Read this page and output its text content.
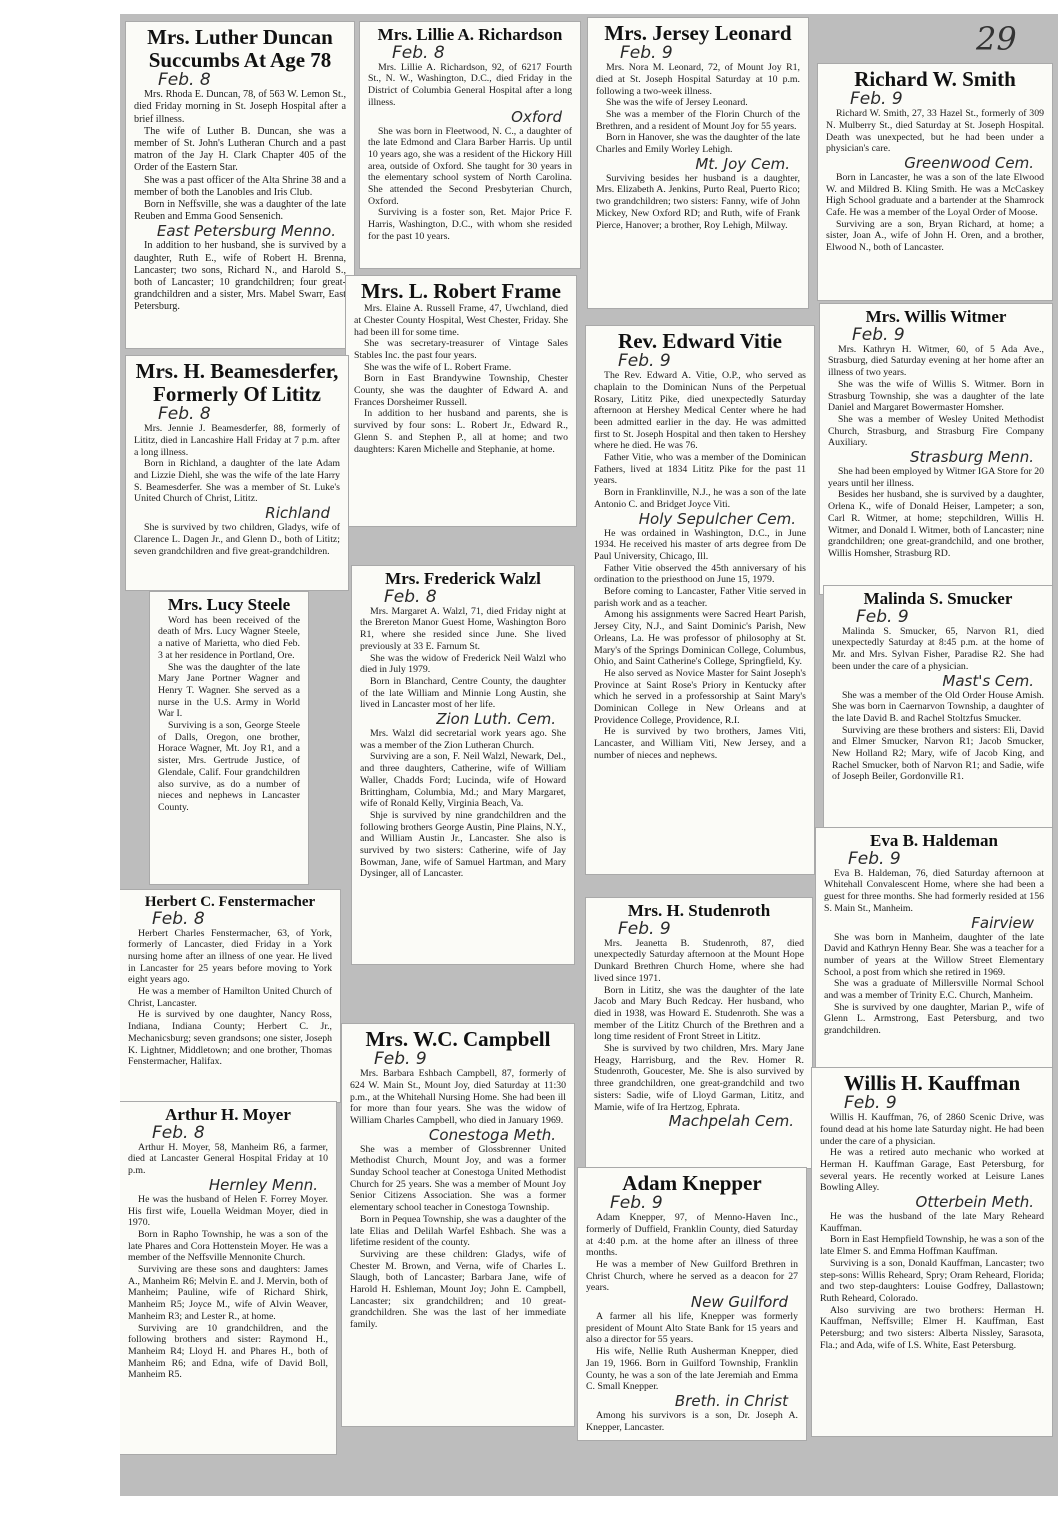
Mrs. Luther Duncan
Succumbs At Age 78
Feb. 8

Mrs. Rhoda E. Duncan, 78, of 563 W. Lemon St., died Friday morning in St. Joseph Hospital after a brief illness.

The wife of Luther B. Duncan, she was a member of St. John's Lutheran Church and a past matron of the Jay H. Clark Chapter 405 of the Order of the Eastern Star.

She was a past officer of the Alta Shrine 38 and a member of both the Lanobles and Iris Club.

Born in Neffsville, she was a daughter of the late Reuben and Emma Good Sensenich.

East Petersburg Menno.

In addition to her husband, she is survived by a daughter, Ruth E., wife of Robert H. Brenna, Lancaster; two sons, Richard N., and Harold S., both of Lancaster; 10 grandchildren; four great-grandchildren and a sister, Mrs. Mabel Swarr, East Petersburg.

Mrs. Lillie A. Richardson
Feb. 8

Mrs. Lillie A. Richardson, 92, of 6217 Fourth St., N. W., Washington, D.C., died Friday in the District of Columbia General Hospital after a long illness.

Oxford

She was born in Fleetwood, N. C., a daughter of the late Edmond and Clara Barber Harris. Up until 10 years ago, she was a resident of the Hickory Hill area, outside of Oxford. She taught for 30 years in the elementary school system of North Carolina. She attended the Second Presbyterian Church, Oxford.

Surviving is a foster son, Ret. Major Price F. Harris, Washington, D.C., with whom she resided for the past 10 years.

Mrs. Jersey Leonard
Feb. 9

Mrs. Nora M. Leonard, 72, of Mount Joy R1, died at St. Joseph Hospital Saturday at 10 p.m. following a two-week illness.

She was the wife of Jersey Leonard.

She was a member of the Florin Church of the Brethren, and a resident of Mount Joy for 55 years.

Born in Hanover, she was the daughter of the late Charles and Emily Worley Lehigh.

Mt. Joy Cem.

Surviving besides her husband is a daughter, Mrs. Elizabeth A. Jenkins, Purto Real, Puerto Rico; two grandchildren; two sisters: Fanny, wife of John Mickey, New Oxford RD; and Ruth, wife of Frank Pierce, Hanover; a brother, Roy Lehigh, Milway.

Richard W. Smith
Feb. 9

Richard W. Smith, 27, 33 Hazel St., formerly of 309 N. Mulberry St., died Saturday at St. Joseph Hospital. Death was unexpected, but he had been under a physician's care.

Greenwood Cem.

Born in Lancaster, he was a son of the late Elwood W. and Mildred B. Kling Smith. He was a McCaskey High School graduate and a bartender at the Shamrock Cafe. He was a member of the Loyal Order of Moose.

Surviving are a son, Bryan Richard, at home; a sister, Joan A., wife of John H. Oren, and a brother, Elwood N., both of Lancaster.

Mrs. L. Robert Frame

Mrs. Elaine A. Russell Frame, 47, Uwchland, died at Chester County Hospital, West Chester, Friday. She had been ill for some time.

She was secretary-treasurer of Vintage Sales Stables Inc. the past four years.

She was the wife of L. Robert Frame.

Born in East Brandywine Township, Chester County, she was the daughter of Edward A. and Frances Dorsheimer Russell.

In addition to her husband and parents, she is survived by four sons: L. Robert Jr., Edward R., Glenn S. and Stephen P., all at home; and two daughters: Karen Michelle and Stephanie, at home.

Mrs. H. Beamesderfer,
Formerly Of Lititz
Feb. 8

Mrs. Jennie J. Beamesderfer, 88, formerly of Lititz, died in Lancashire Hall Friday at 7 p.m. after a long illness.

Born in Richland, a daughter of the late Adam and Lizzie Diehl, she was the wife of the late Harry S. Beamesderfer. She was a member of St. Luke's United Church of Christ, Lititz.

Richland

She is survived by two children, Gladys, wife of Clarence L. Dagen Jr., and Glenn D., both of Lititz; seven grandchildren and five great-grandchildren.

Rev. Edward Vitie
Feb. 9

The Rev. Edward A. Vitie, O.P., who served as chaplain to the Dominican Nuns of the Perpetual Rosary, Lititz Pike, died unexpectedly Saturday afternoon at Hershey Medical Center where he had been admitted earlier in the day. He was admitted first to St. Joseph Hospital and then taken to Hershey where he died. He was 76.

Father Vitie, who was a member of the Dominican Fathers, lived at 1834 Lititz Pike for the past 11 years.

Born in Franklinville, N.J., he was a son of the late Antonio C. and Bridget Joyce Viti.

Holy Sepulcher Cem.

He was ordained in Washington, D.C., in June 1934. He received his master of arts degree from De Paul University, Chicago, Ill.

Father Vitie observed the 45th anniversary of his ordination to the priesthood on June 15, 1979.

Before coming to Lancaster, Father Vitie served in parish work and as a teacher.

Among his assignments were Sacred Heart Parish, Jersey City, N.J., and Saint Dominic's Parish, New Orleans, La. He was professor of philosophy at St. Mary's of the Springs Dominican College, Columbus, Ohio, and Saint Catherine's College, Springfield, Ky.

He also served as Novice Master for Saint Joseph's Province at Saint Rose's Priory in Kentucky after which he served in a professorship at Saint Mary's Dominican College in New Orleans and at Providence College, Providence, R.I.

He is survived by two brothers, James Viti, Lancaster, and William Viti, New Jersey, and a number of nieces and nephews.

Mrs. Willis Witmer
Feb. 9

Mrs. Kathryn H. Witmer, 60, of 5 Ada Ave., Strasburg, died Saturday evening at her home after an illness of two years.

She was the wife of Willis S. Witmer. Born in Strasburg Township, she was a daughter of the late Daniel and Margaret Bowermaster Homsher.

She was a member of Wesley United Methodist Church, Strasburg, and Strasburg Fire Company Auxiliary.

Strasburg Menn.

She had been employed by Witmer IGA Store for 20 years until her illness.

Besides her husband, she is survived by a daughter, Orlena K., wife of Donald Heiser, Lampeter; a son, Carl R. Witmer, at home; stepchildren, Willis H. Witmer, and Donald I. Witmer, both of Lancaster; nine grandchildren; one great-grandchild, and one brother, Willis Homsher, Strasburg RD.

Mrs. Lucy Steele

Word has been received of the death of Mrs. Lucy Wagner Steele, a native of Marietta, who died Feb. 3 at her residence in Portland, Ore.

She was the daughter of the late Mary Jane Portner Wagner and Henry T. Wagner. She served as a nurse in the U.S. Army in World War I.

Surviving is a son, George Steele of Dalls, Oregon, one brother, Horace Wagner, Mt. Joy R1, and a sister, Mrs. Gertrude Justice, of Glendale, Calif. Four grandchildren also survive, as do a number of nieces and nephews in Lancaster County.

Mrs. Frederick Walzl
Feb. 8

Mrs. Margaret A. Walzl, 71, died Friday night at the Brereton Manor Guest Home, Washington Boro R1, where she resided since June. She lived previously at 33 E. Farnum St.

She was the widow of Frederick Neil Walzl who died in July 1979.

Born in Blanchard, Centre County, the daughter of the late William and Minnie Long Austin, she lived in Lancaster most of her life.

Zion Luth. Cem.

Mrs. Walzl did secretarial work years ago. She was a member of the Zion Lutheran Church.

Surviving are a son, F. Neil Walzl, Newark, Del., and three daughters, Catherine, wife of William Waller, Chadds Ford; Lucinda, wife of Howard Brittingham, Columbia, Md.; and Mary Margaret, wife of Ronald Kelly, Virginia Beach, Va.

Shje is survived by nine grandchildren and the following brothers George Austin, Pine Plains, N.Y., and William Austin Jr., Lancaster. She also is survived by two sisters: Catherine, wife of Jay Bowman, Jane, wife of Samuel Hartman, and Mary Dysinger, all of Lancaster.

Malinda S. Smucker
Feb. 9

Malinda S. Smucker, 65, Narvon R1, died unexpectedly Saturday at 8:45 p.m. at the home of Mr. and Mrs. Sylvan Fisher, Paradise R2. She had been under the care of a physician.

Mast's Cem.

She was a member of the Old Order House Amish. She was born in Caernarvon Township, a daughter of the late David B. and Rachel Stoltzfus Smucker.

Surviving are these brothers and sisters: Eli, David and Elmer Smucker, Narvon R1; Jacob Smucker, New Holland R2; Mary, wife of Jacob King, and Rachel Smucker, both of Narvon R1; and Sadie, wife of Joseph Beiler, Gordonville R1.

Eva B. Haldeman
Feb. 9

Eva B. Haldeman, 76, died Saturday afternoon at Whitehall Convalescent Home, where she had been a guest for three months. She had formerly resided at 156 S. Main St., Manheim.

Fairview

She was born in Manheim, daughter of the late David and Kathryn Henny Bear. She was a teacher for a number of years at the Willow Street Elementary School, a post from which she retired in 1969.

She was a graduate of Millersville Normal School and was a member of Trinity E.C. Church, Manheim.

She is survived by one daughter, Marian P., wife of Glenn L. Armstrong, East Petersburg, and two grandchildren.

Herbert C. Fenstermacher
Feb. 8

Herbert Charles Fenstermacher, 63, of York, formerly of Lancaster, died Friday in a York nursing home after an illness of one year. He lived in Lancaster for 25 years before moving to York eight years ago.

He was a member of Hamilton United Church of Christ, Lancaster.

He is survived by one daughter, Nancy Ross, Indiana, Indiana County; Herbert C. Jr., Mechanicsburg; seven grandsons; one sister, Joseph K. Lightner, Middletown; and one brother, Thomas Fenstermacher, Halifax.

Mrs. H. Studenroth
Feb. 9

Mrs. Jeanetta B. Studenroth, 87, died unexpectedly Saturday afternoon at the Mount Hope Dunkard Brethren Church Home, where she had lived since 1971.

Born in Lititz, she was the daughter of the late Jacob and Mary Buch Redcay. Her husband, who died in 1938, was Howard E. Studenroth. She was a member of the Lititz Church of the Brethren and a long time resident of Front Street in Lititz.

She is survived by two children, Mrs. Mary Jane Heagy, Harrisburg, and the Rev. Homer R. Studenroth, Goucester, Me. She is also survived by three grandchildren, one great-grandchild and two sisters: Sadie, wife of Lloyd Garman, Lititz, and Mamie, wife of Ira Hertzog, Ephrata.

Machpelah Cem.
Mrs. W.C. Campbell
Feb. 9

Mrs. Barbara Eshbach Campbell, 87, formerly of 624 W. Main St., Mount Joy, died Saturday at 11:30 p.m., at the Whitehall Nursing Home. She had been ill for more than four years. She was the widow of William Charles Campbell, who died in January 1969.

Conestoga Meth.

She was a member of Glossbrenner United Methodist Church, Mount Joy, and was a former Sunday School teacher at Conestoga United Methodist Church for 25 years. She was a member of Mount Joy Senior Citizens Association. She was a former elementary school teacher in Conestoga Township.

Born in Pequea Township, she was a daughter of the late Elias and Delilah Warfel Eshbach. She was a lifetime resident of the county.

Surviving are these children: Gladys, wife of Chester M. Brown, and Verna, wife of Charles L. Slaugh, both of Lancaster; Barbara Jane, wife of Harold H. Eshleman, Mount Joy; John E. Campbell, Lancaster; six grandchildren; and 10 great-grandchildren. She was the last of her immediate family.

Willis H. Kauffman
Feb. 9

Willis H. Kauffman, 76, of 2860 Scenic Drive, was found dead at his home late Saturday night. He had been under the care of a physician.

He was a retired auto mechanic who worked at Herman H. Kauffman Garage, East Petersburg, for several years. He recently worked at Leisure Lanes Bowling Alley.

Otterbein Meth.

He was the husband of the late Mary Reheard Kauffman.

Born in East Hempfield Township, he was a son of the late Elmer S. and Emma Hoffman Kauffman.

Surviving is a son, Donald Kauffman, Lancaster; two step-sons: Willis Reheard, Spry; Oram Reheard, Florida; and two step-daughters: Louise Godfrey, Dallastown; Ruth Reheard, Colorado.

Also surviving are two brothers: Herman H. Kauffman, Neffsville; Elmer H. Kauffman, East Petersburg; and two sisters: Alberta Nissley, Sarasota, Fla.; and Ada, wife of I.S. White, East Petersburg.

Arthur H. Moyer
Feb. 8

Arthur H. Moyer, 58, Manheim R6, a farmer, died at Lancaster General Hospital Friday at 10 p.m.

Hernley Menn.

He was the husband of Helen F. Forrey Moyer. His first wife, Louella Weidman Moyer, died in 1970.

Born in Rapho Township, he was a son of the late Phares and Cora Hottenstein Moyer. He was a member of the Neffsville Mennonite Church.

Surviving are these sons and daughters: James A., Manheim R6; Melvin E. and J. Mervin, both of Manheim; Pauline, wife of Richard Shirk, Manheim R5; Joyce M., wife of Alvin Weaver, Manheim R3; and Lester R., at home.

Surviving are 10 grandchildren, and the following brothers and sister: Raymond H., Manheim R4; Lloyd H. and Phares H., both of Manheim R6; and Edna, wife of David Boll, Manheim R5.

Adam Knepper
Feb. 9

Adam Knepper, 97, of Menno-Haven Inc., formerly of Duffield, Franklin County, died Saturday at 4:40 p.m. at the home after an illness of three months.

He was a member of New Guilford Brethren in Christ Church, where he served as a deacon for 27 years.

New Guilford

A farmer all his life, Knepper was formerly president of Mount Alto State Bank for 15 years and also a director for 55 years.

His wife, Nellie Ruth Ausherman Knepper, died Jan 19, 1966. Born in Guilford Township, Franklin County, he was a son of the late Jeremiah and Emma C. Small Knepper.

Breth. in Christ

Among his survivors is a son, Dr. Joseph A. Knepper, Lancaster.

29
